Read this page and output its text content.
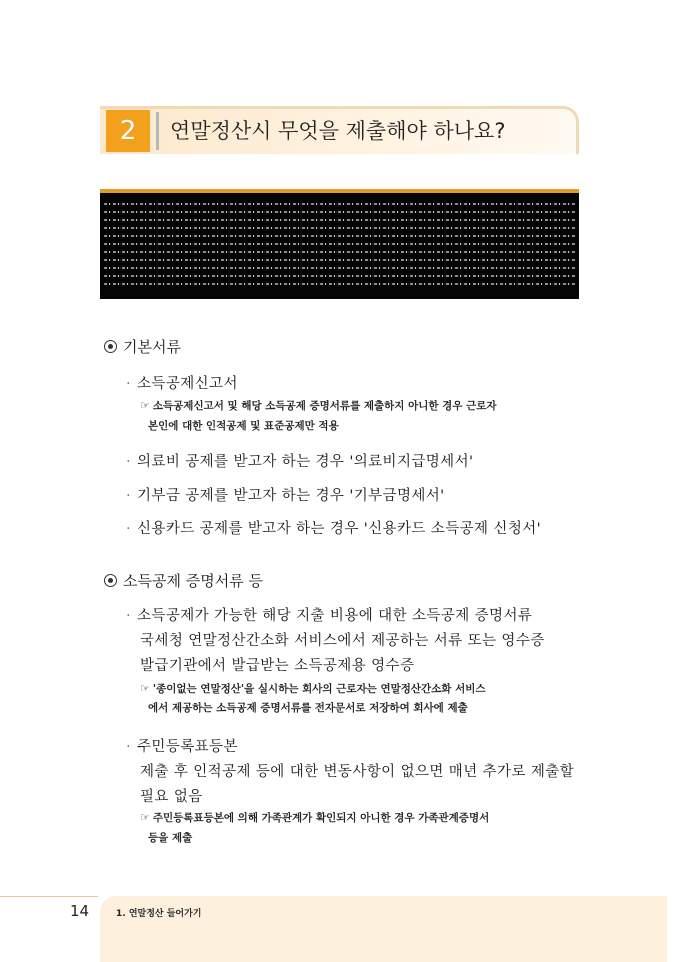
2	연말정산시 무엇을 제출해야 하나요?
기본서류
· 소득공제신고서
☞ 소득공제신고서 및 해당 소득공제 증명서류를 제출하지 아니한 경우 근로자
본인에 대한 인적공제 및 표준공제만 적용
· 의료비 공제를 받고자 하는 경우 '의료비지급명세서'
· 기부금 공제를 받고자 하는 경우 '기부금명세서'
· 신용카드 공제를 받고자 하는 경우 '신용카드 소득공제 신청서'
소득공제 증명서류 등
· 소득공제가 가능한 해당 지출 비용에 대한 소득공제 증명서류
국세청 연말정산간소화 서비스에서 제공하는 서류 또는 영수증
발급기관에서 발급받는 소득공제용 영수증
☞ '종이없는 연말정산'을 실시하는 회사의 근로자는 연말정산간소화 서비스
에서 제공하는 소득공제 증명서류를 전자문서로 저장하여 회사에 제출
· 주민등록표등본
제출 후 인적공제 등에 대한 변동사항이 없으면 매년 추가로 제출할
필요 없음
☞ 주민등록표등본에 의해 가족관계가 확인되지 아니한 경우 가족관계증명서
등을 제출
14	1. 연말정산 들어가기
